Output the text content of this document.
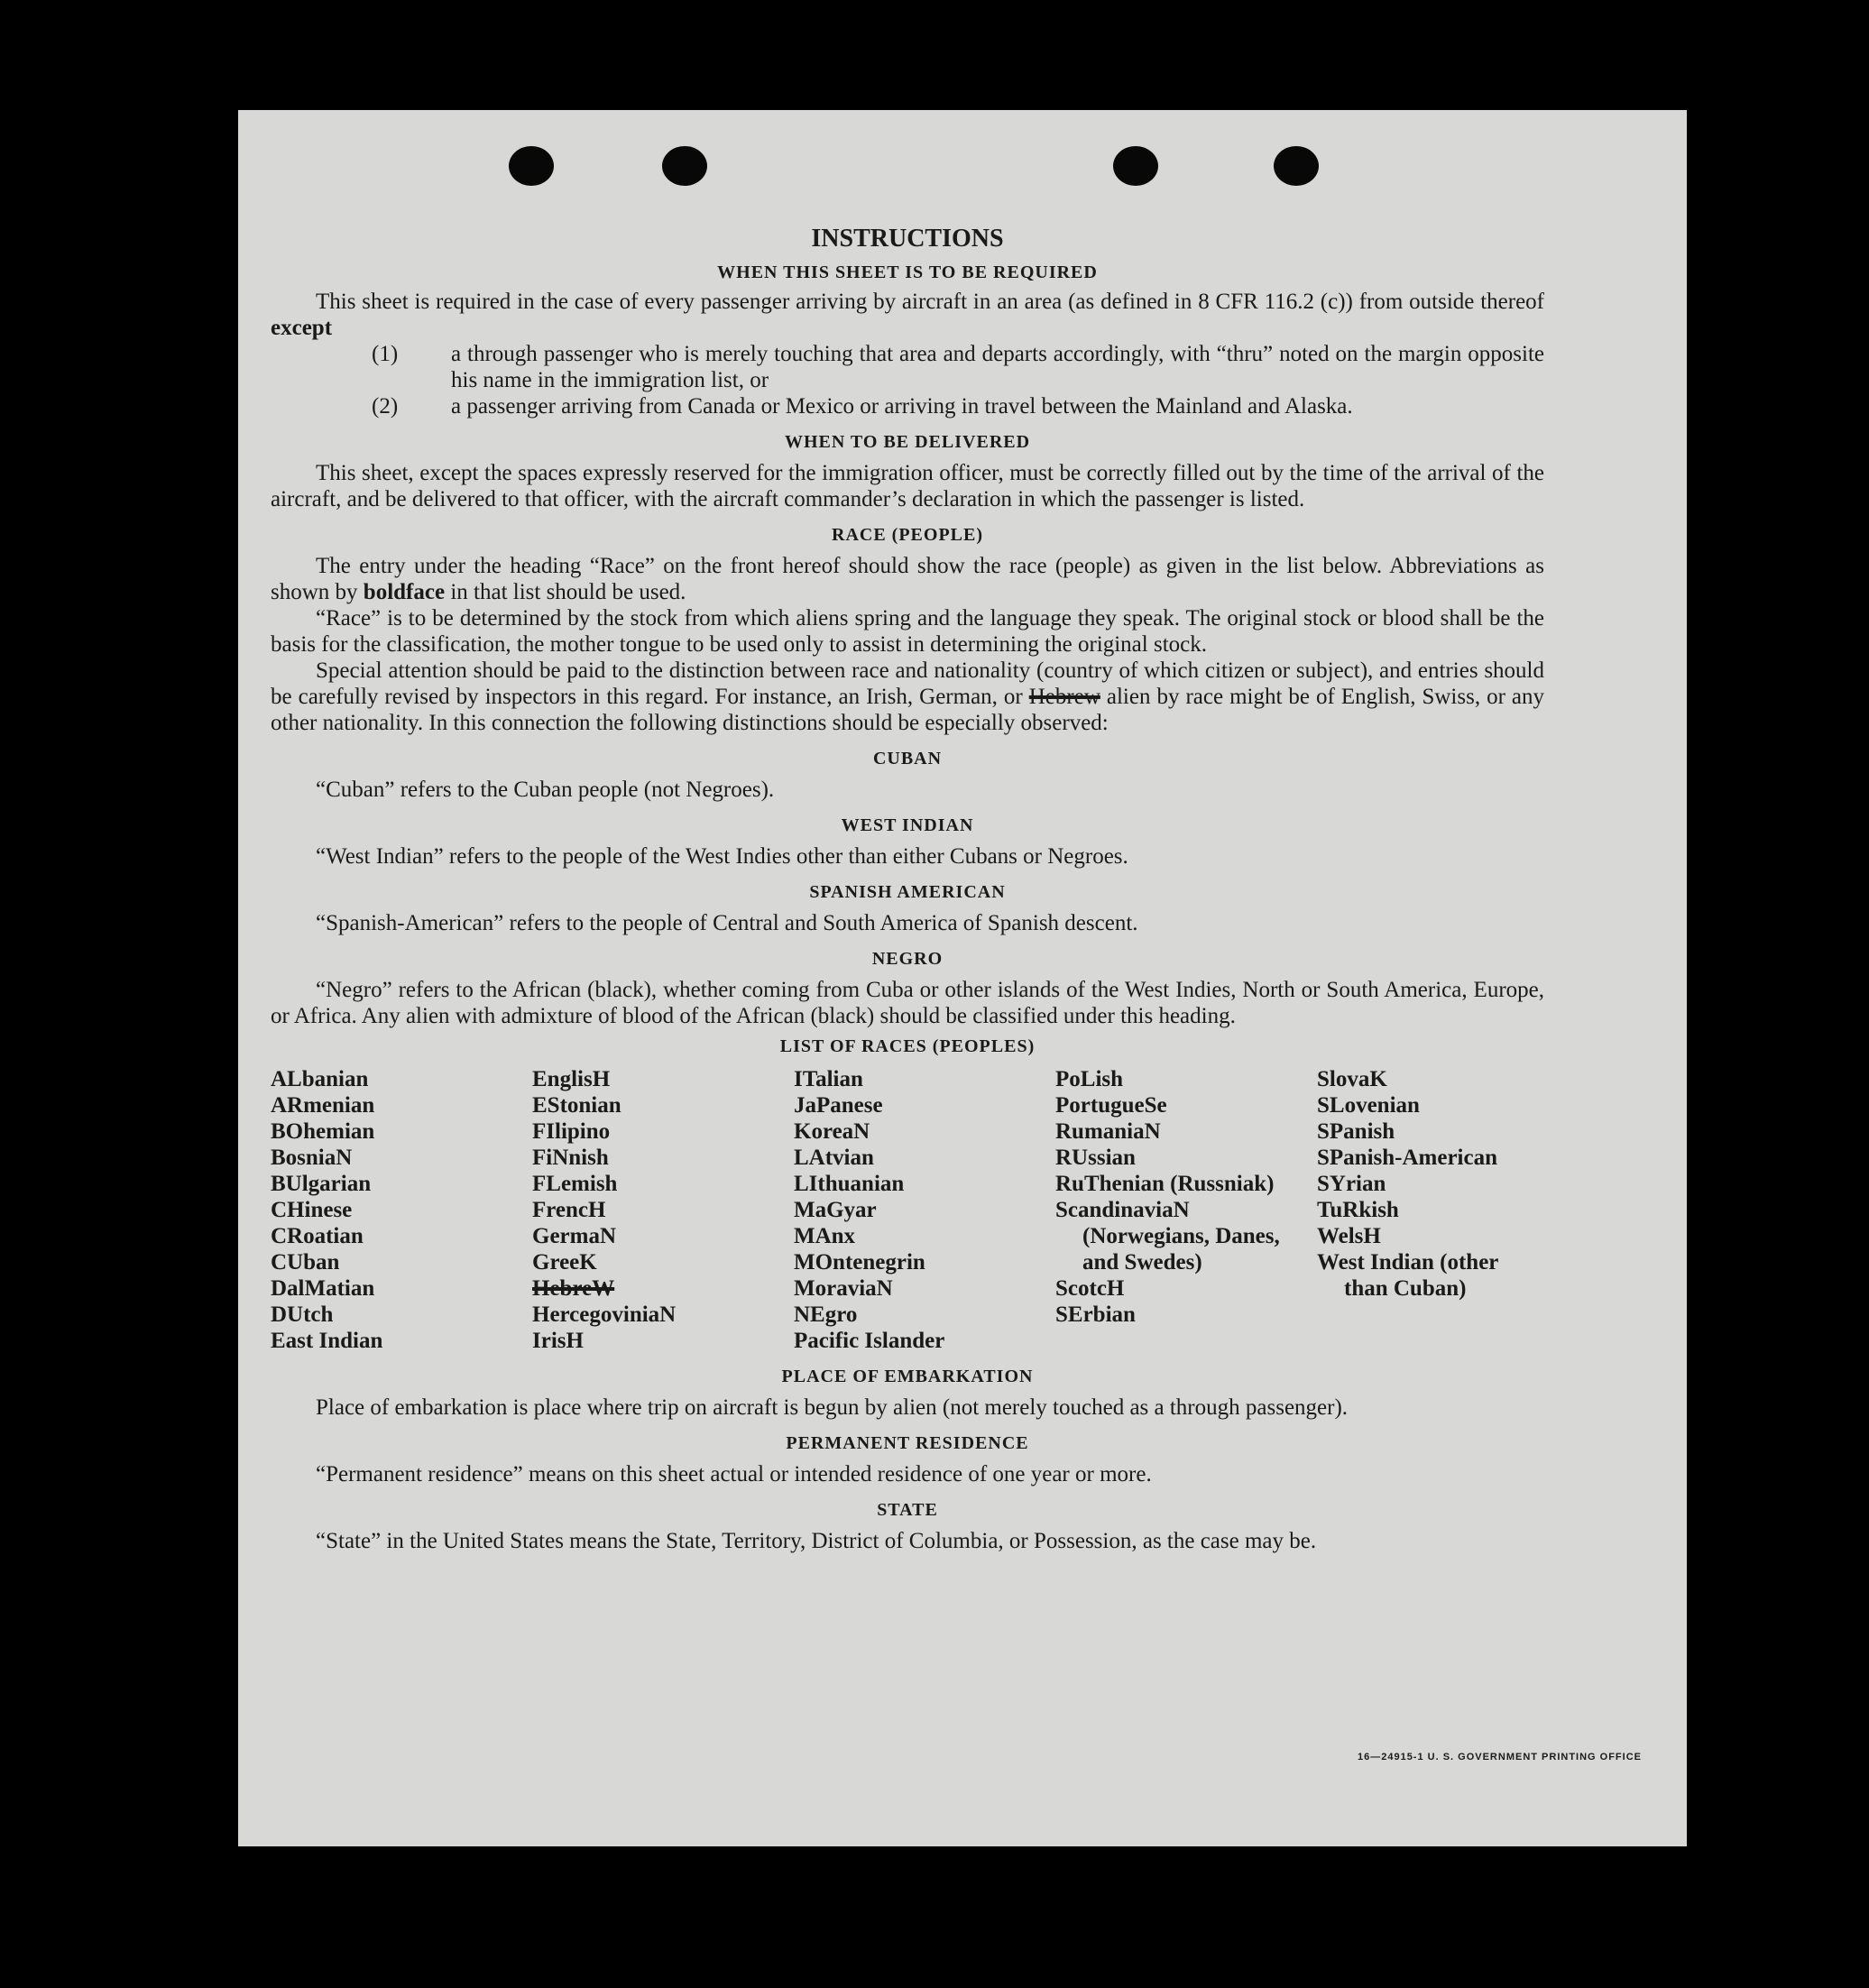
INSTRUCTIONS

WHEN THIS SHEET IS TO BE REQUIRED

This sheet is required in the case of every passenger arriving by aircraft in an area (as defined in 8 CFR 116.2 (c)) from outside thereof except

(1) a through passenger who is merely touching that area and departs accordingly, with “thru” noted on the margin opposite his name in the immigration list, or

(2) a passenger arriving from Canada or Mexico or arriving in travel between the Mainland and Alaska.

WHEN TO BE DELIVERED

This sheet, except the spaces expressly reserved for the immigration officer, must be correctly filled out by the time of the arrival of the aircraft, and be delivered to that officer, with the aircraft commander’s declaration in which the passenger is listed.

RACE (PEOPLE)

The entry under the heading “Race” on the front hereof should show the race (people) as given in the list below. Abbreviations as shown by boldface in that list should be used.

“Race” is to be determined by the stock from which aliens spring and the language they speak. The original stock or blood shall be the basis for the classification, the mother tongue to be used only to assist in determining the original stock.

Special attention should be paid to the distinction between race and nationality (country of which citizen or subject), and entries should be carefully revised by inspectors in this regard. For instance, an Irish, German, or Hebrew alien by race might be of English, Swiss, or any other nationality. In this connection the following distinctions should be especially observed:

CUBAN

“Cuban” refers to the Cuban people (not Negroes).

WEST INDIAN

“West Indian” refers to the people of the West Indies other than either Cubans or Negroes.

SPANISH AMERICAN

“Spanish-American” refers to the people of Central and South America of Spanish descent.

NEGRO

“Negro” refers to the African (black), whether coming from Cuba or other islands of the West Indies, North or South America, Europe, or Africa. Any alien with admixture of blood of the African (black) should be classified under this heading.

LIST OF RACES (PEOPLES)

ALbanian

ARmenian

BOhemian

BosniaN

BUlgarian

CHinese

CRoatian

CUban

DalMatian

DUtch

East Indian

EnglisH

EStonian

FIlipino

FiNnish

FLemish

FrencH

GermaN

GreeK

HebreW

HercegoviniaN

IrisH

ITalian

JaPanese

KoreaN

LAtvian

LIthuanian

MaGyar

MAnx

MOntenegrin

MoraviaN

NEgro

Pacific Islander

PoLish

PortugueSe

RumaniaN

RUssian

RuThenian (Russniak)

ScandinaviaN (Norwegians, Danes, and Swedes)

ScotcH

SErbian

SlovaK

SLovenian

SPanish

SPanish-American

SYrian

TuRkish

WelsH

West Indian (other than Cuban)

PLACE OF EMBARKATION

Place of embarkation is place where trip on aircraft is begun by alien (not merely touched as a through passenger).

PERMANENT RESIDENCE

“Permanent residence” means on this sheet actual or intended residence of one year or more.

STATE

“State” in the United States means the State, Territory, District of Columbia, or Possession, as the case may be.

16—24915-1 U. S. GOVERNMENT PRINTING OFFICE
